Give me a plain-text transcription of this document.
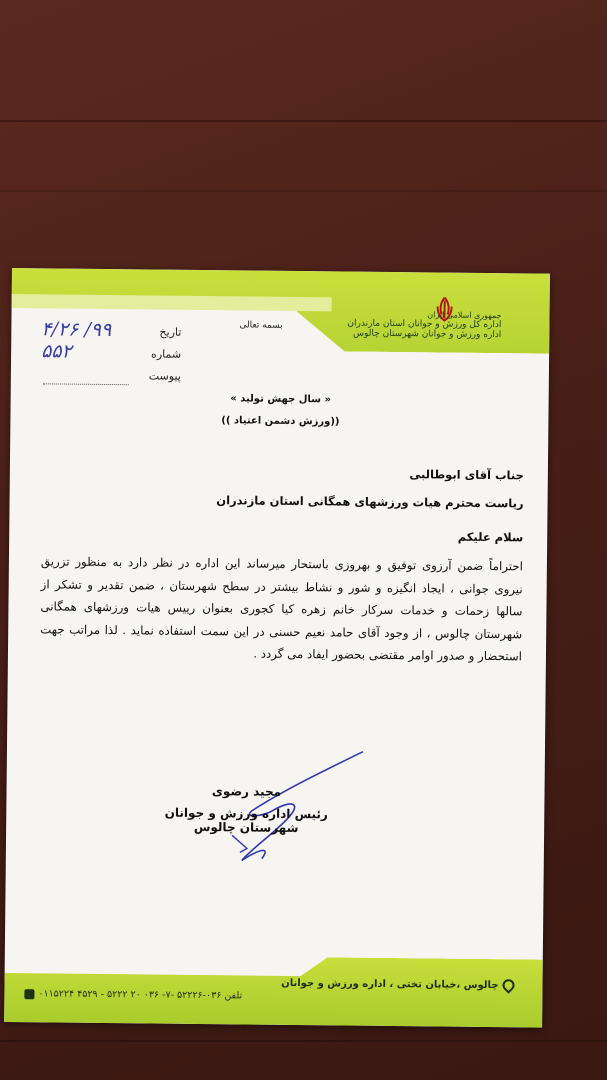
جمهوری اسلامی ایران
اداره کل ورزش و جوانان استان مازندران
اداره ورزش و جوانان شهرستان چالوس
بسمه تعالی
تاریخ
۹۹/ ۴/۲۶
شماره
۵۵۲
پیوست
« سال جهش تولید »
((ورزش دشمن اعتیاد ))
جناب آقای ابوطالبی
ریاست محترم هیات ورزشهای همگانی استان مازندران
سلام علیکم
احتراماً ضمن آرزوی توفیق و بهروزی باستحار میرساند این اداره در نظر دارد به منظور تزریق نیروی جوانی ، ایجاد انگیزه و شور و نشاط بیشتر در سطح شهرستان ، ضمن تقدیر و تشکر از سالها زحمات و خدمات سرکار خانم زهره کیا کجوری بعنوان رییس هیات ورزشهای همگانی شهرستان چالوس ، از وجود آقای حامد نعیم حسنی در این سمت استفاده نماید . لذا مراتب جهت استحضار و صدور اوامر مقتضی بحضور ایفاد می گردد .
مجید رضوی
رئیس اداره ورزش و جوانان شهرستان چالوس
چالوس ،خیابان تختی ، اداره ورزش و جوانان
تلفن ۰۳۶-۵۲۲۲۶ -۷- ۰۳۶ ۲۰ ۵۲۲۲ - ۴۵۲۹ ۰۱۱۵۲۲۴
